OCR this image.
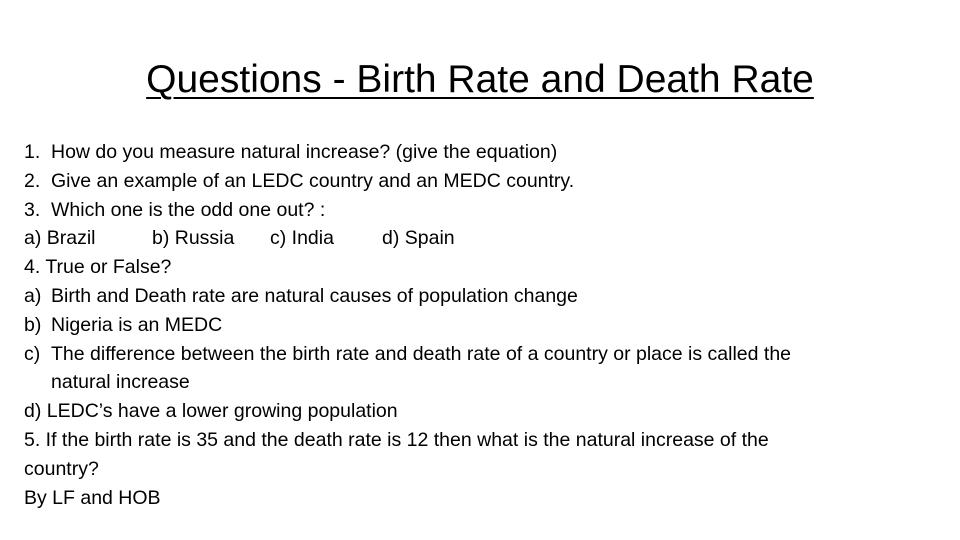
Questions - Birth Rate and Death Rate
1. How do you measure natural increase? (give the equation)
2. Give an example of an LEDC country and an MEDC country.
3. Which one is the odd one out? :
a) Brazil	b) Russia c) India d) Spain
4. True or False?
a) Birth and Death rate are natural causes of population change
b) Nigeria is an MEDC
c) The difference between the birth rate and death rate of a country or place is called the
natural increase
d) LEDC’s have a lower growing population
5. If the birth rate is 35 and the death rate is 12 then what is the natural increase of the
country?
By LF and HOB
